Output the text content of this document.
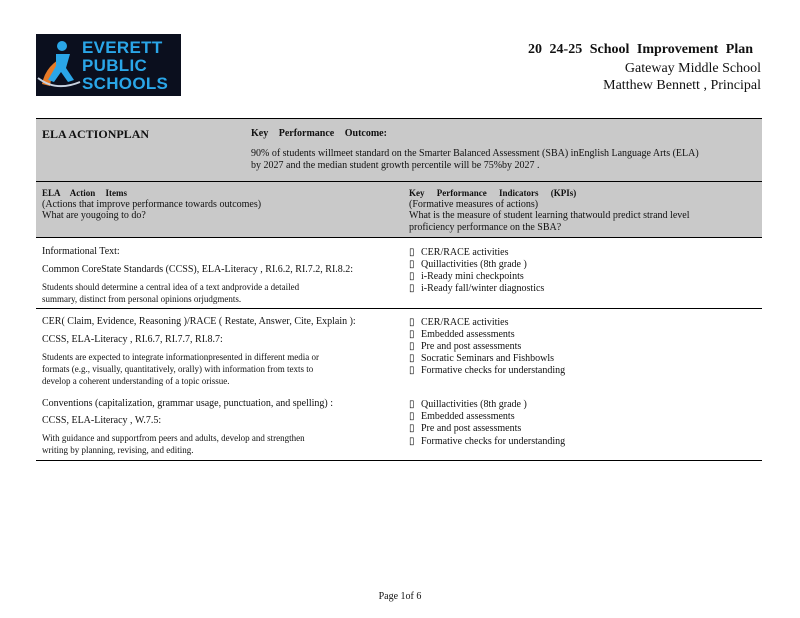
EVERETT
PUBLIC
SCHOOLS
20 24-25 School Improvement Plan
Gateway Middle School
Matthew Bennett , Principal
ELA ACTIONPLAN	Key Performance Outcome:
90% of students willmeet standard on the Smarter Balanced Assessment (SBA) inEnglish Language Arts (ELA)
by 2027 and the median student growth percentile will be 75%by 2027 .
ELA Action Items
(Actions that improve performance towards outcomes)
What are yougoing to do?
Key Performance Indicators (KPIs)
(Formative measures of actions)
What is the measure of student learning thatwould predict strand level
proficiency performance on the SBA?
Informational Text:
Common CoreState Standards (CCSS), ELA-Literacy , RI.6.2, RI.7.2, RI.8.2:
Students should determine a central idea of a text andprovide a detailed
summary, distinct from personal opinions orjudgments.
▯ CER/RACE activities
▯ Quillactivities (8th grade )
▯ i-Ready mini checkpoints
▯ i-Ready fall/winter diagnostics
CER( Claim, Evidence, Reasoning )/RACE ( Restate, Answer, Cite, Explain ):
CCSS, ELA-Literacy , RI.6.7, RI.7.7, RI.8.7:
Students are expected to integrate informationpresented in different media or
formats (e.g., visually, quantitatively, orally) with information from texts to
develop a coherent understanding of a topic orissue.
▯ CER/RACE activities
▯ Embedded assessments
▯ Pre and post assessments
▯ Socratic Seminars and Fishbowls
▯ Formative checks for understanding
Conventions (capitalization, grammar usage, punctuation, and spelling) :
CCSS, ELA-Literacy , W.7.5:
With guidance and supportfrom peers and adults, develop and strengthen
writing by planning, revising, and editing.
▯ Quillactivities (8th grade )
▯ Embedded assessments
▯ Pre and post assessments
▯ Formative checks for understanding
Page 1of 6
